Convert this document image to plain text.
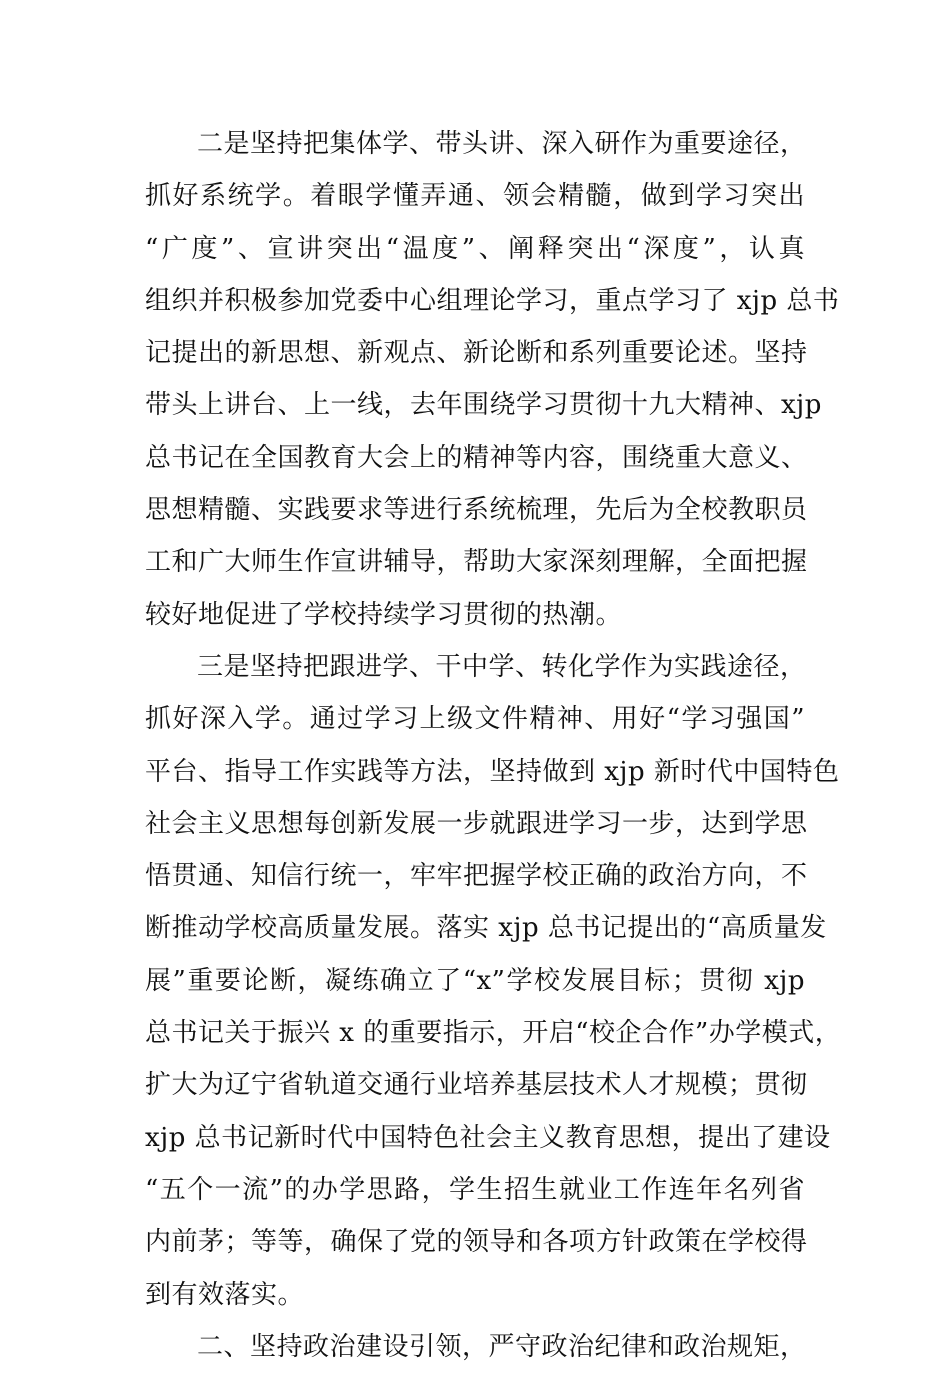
二是坚持把集体学、带头讲、深入研作为重要途径，
抓好系统学。着眼学懂弄通、领会精髓，做到学习突出
“广度”、宣讲突出“温度”、阐释突出“深度”，认真
组织并积极参加党委中心组理论学习，重点学习了 xjp 总书
记提出的新思想、新观点、新论断和系列重要论述。坚持
带头上讲台、上一线，去年围绕学习贯彻十九大精神、xjp
总书记在全国教育大会上的精神等内容，围绕重大意义、
思想精髓、实践要求等进行系统梳理，先后为全校教职员
工和广大师生作宣讲辅导，帮助大家深刻理解，全面把握
较好地促进了学校持续学习贯彻的热潮。
三是坚持把跟进学、干中学、转化学作为实践途径，
抓好深入学。通过学习上级文件精神、用好“学习强国”
平台、指导工作实践等方法，坚持做到 xjp 新时代中国特色
社会主义思想每创新发展一步就跟进学习一步，达到学思
悟贯通、知信行统一，牢牢把握学校正确的政治方向，不
断推动学校高质量发展。落实 xjp 总书记提出的“高质量发
展”重要论断，凝练确立了“x”学校发展目标；贯彻 xjp
总书记关于振兴 x 的重要指示，开启“校企合作”办学模式，
扩大为辽宁省轨道交通行业培养基层技术人才规模；贯彻
xjp 总书记新时代中国特色社会主义教育思想，提出了建设
“五个一流”的办学思路，学生招生就业工作连年名列省
内前茅；等等，确保了党的领导和各项方针政策在学校得
到有效落实。
二、坚持政治建设引领，严守政治纪律和政治规矩，
